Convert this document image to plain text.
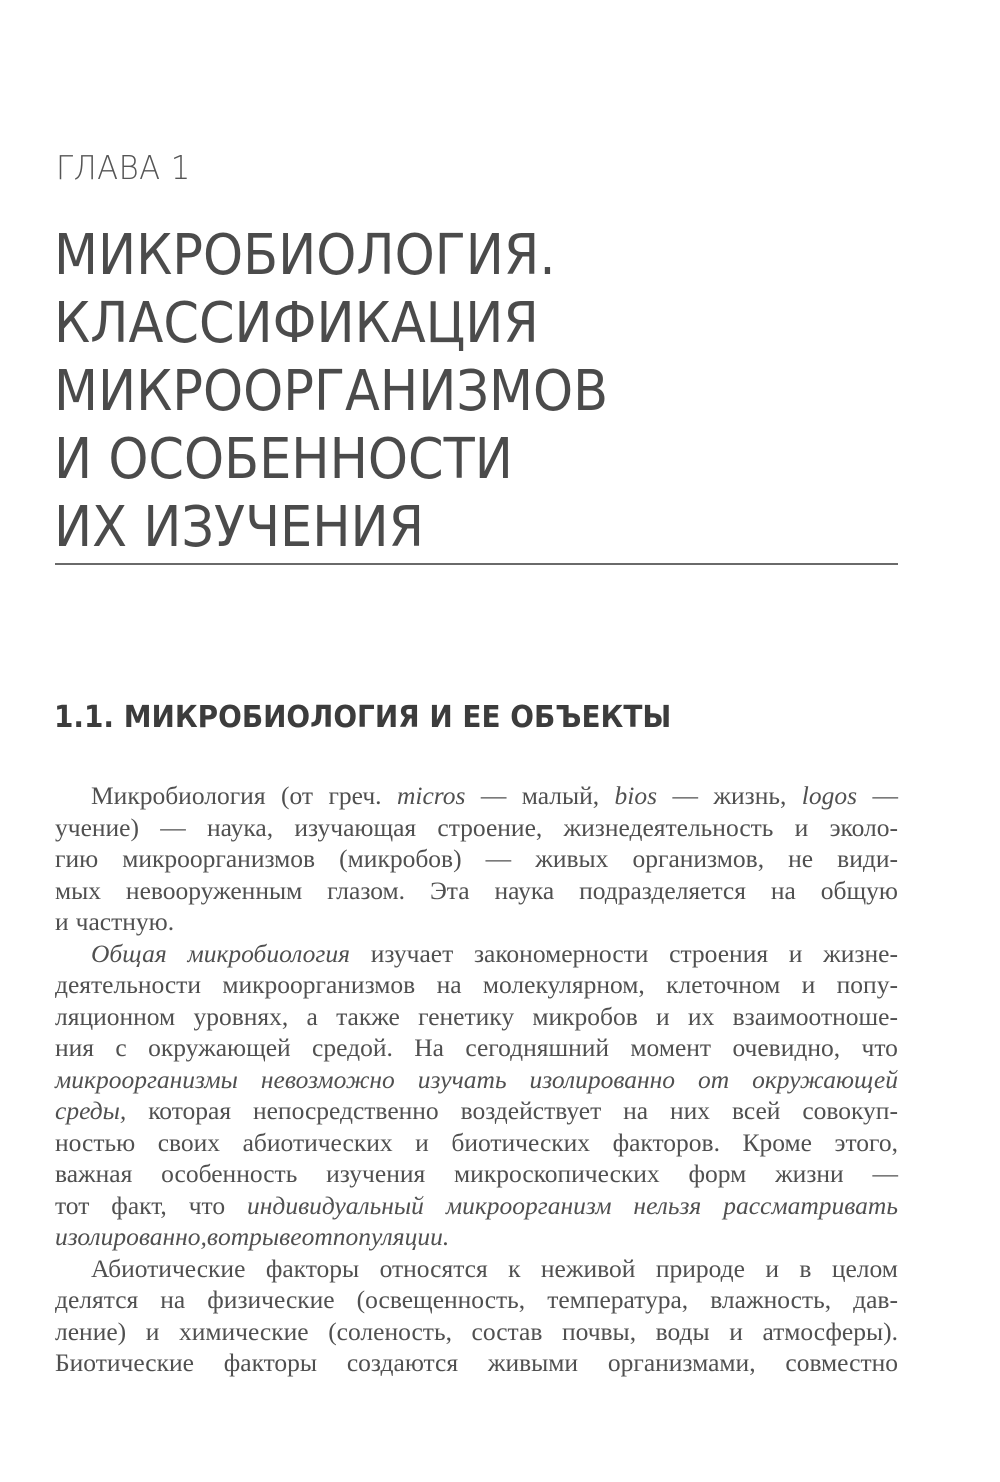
ГЛАВА 1
МИКРОБИОЛОГИЯ.
КЛАССИФИКАЦИЯ
МИКРООРГАНИЗМОВ
И ОСОБЕННОСТИ
ИХ ИЗУЧЕНИЯ
1.1. МИКРОБИОЛОГИЯ И ЕЕ ОБЪЕКТЫ
Микробиология (от греч. micros — малый, bios — жизнь, logos —
учение) — наука, изучающая строение, жизнедеятельность и эколо-
гию микроорганизмов (микробов) — живых организмов, не види-
мых невооруженным глазом. Эта наука подразделяется на общую
и частную.
Общая микробиология изучает закономерности строения и жизне-
деятельности микроорганизмов на молекулярном, клеточном и попу-
ляционном уровнях, а также генетику микробов и их взаимоотноше-
ния с окружающей средой. На сегодняшний момент очевидно, что
микроорганизмы невозможно изучать изолированно от окружающей
среды, которая непосредственно воздействует на них всей совокуп-
ностью своих абиотических и биотических факторов. Кроме этого,
важная особенность изучения микроскопических форм жизни —
тот факт, что индивидуальный микроорганизм нельзя рассматривать
изолированно, в отрыве от популяции.
Абиотические факторы относятся к неживой природе и в целом
делятся на физические (освещенность, температура, влажность, дав-
ление) и химические (соленость, состав почвы, воды и атмосферы).
Биотические факторы создаются живыми организмами, совместно
